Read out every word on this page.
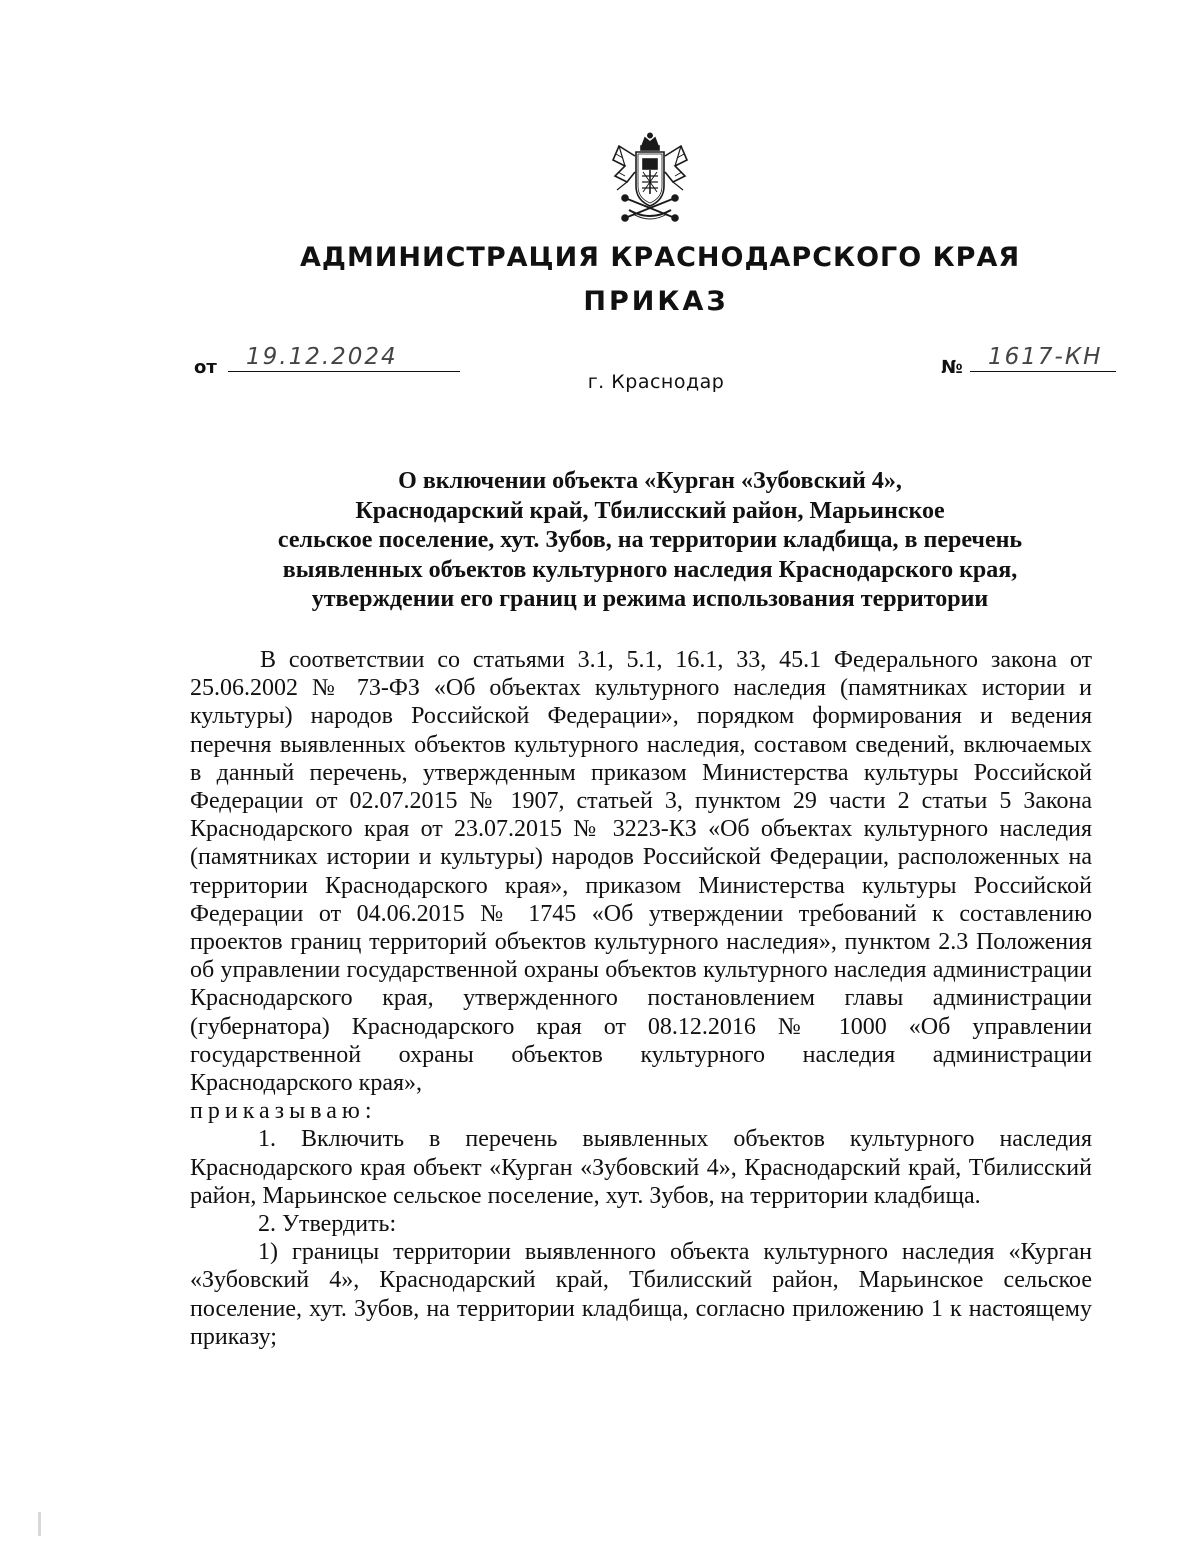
АДМИНИСТРАЦИЯ КРАСНОДАРСКОГО КРАЯ
ПРИКАЗ
от 19.12.2024	№ 1617-КН
г. Краснодар
О включении объекта «Курган «Зубовский 4»,
Краснодарский край, Тбилисский район, Марьинское
сельское поселение, хут. Зубов, на территории кладбища, в перечень
выявленных объектов культурного наследия Краснодарского края,
утверждении его границ и режима использования территории

В соответствии со статьями 3.1, 5.1, 16.1, 33, 45.1 Федерального закона от 25.06.2002 № 73-ФЗ «Об объектах культурного наследия (памятниках истории и культуры) народов Российской Федерации», порядком формирования и ведения перечня выявленных объектов культурного наследия, составом сведений, включаемых в данный перечень, утвержденным приказом Министерства культуры Российской Федерации от 02.07.2015 № 1907, статьей 3, пунктом 29 части 2 статьи 5 Закона Краснодарского края от 23.07.2015 № 3223-КЗ «Об объектах культурного наследия (памятниках истории и культуры) народов Российской Федерации, расположенных на территории Краснодарского края», приказом Министерства культуры Российской Федерации от 04.06.2015 № 1745 «Об утверждении требований к составлению проектов границ территорий объектов культурного наследия», пунктом 2.3 Положения об управлении государственной охраны объектов культурного наследия администрации Краснодарского края, утвержденного постановлением главы администрации (губернатора) Краснодарского края от 08.12.2016 № 1000 «Об управлении государственной охраны объектов культурного наследия администрации Краснодарского края»,

приказываю:

1. Включить в перечень выявленных объектов культурного наследия Краснодарского края объект «Курган «Зубовский 4», Краснодарский край, Тбилисский район, Марьинское сельское поселение, хут. Зубов, на территории кладбища.

2. Утвердить:

1) границы территории выявленного объекта культурного наследия «Курган «Зубовский 4», Краснодарский край, Тбилисский район, Марьинское сельское поселение, хут. Зубов, на территории кладбища, согласно приложению 1 к настоящему приказу;
